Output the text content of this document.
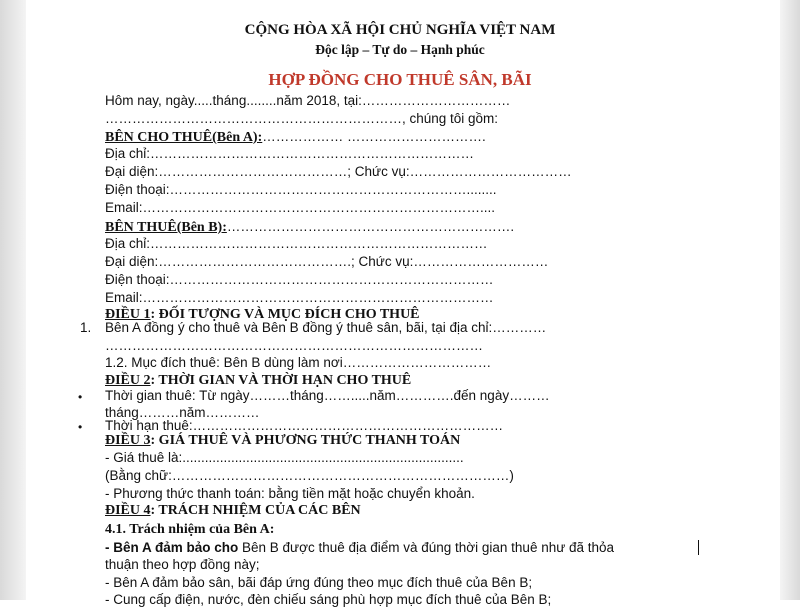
CỘNG HÒA XÃ HỘI CHỦ NGHĨA VIỆT NAM
Độc lập – Tự do – Hạnh phúc
HỢP ĐỒNG CHO THUÊ SÂN, BÃI
Hôm nay, ngày.....tháng........năm 2018, tại:……………………………
…………………………………………………………, chúng tôi gồm:
BÊN CHO THUÊ(Bên A):……………… ………………………….
Địa chỉ:………………………………………………………………
Đại diện:……………………………………; Chức vụ:………………………………
Điện thoại:…………………………………………………………........
Email:…………………………………………………………………....
BÊN THUÊ(Bên B):……………………………………………………….
Địa chỉ:…………………………………………………………………
Đại diện:…………………………………….; Chức vụ:…………………………
Điện thoại:………………………………………………………………
Email:……………………………………………………………………
ĐIỀU 1: ĐỐI TƯỢNG VÀ MỤC ĐÍCH CHO THUÊ
1. Bên A đồng ý cho thuê và Bên B đồng ý thuê sân, bãi, tại địa chỉ:…………
…………………………………………………………………………
1.2. Mục đích thuê: Bên B dùng làm nơi……………………………
ĐIỀU 2: THỜI GIAN VÀ THỜI HẠN CHO THUÊ
• Thời gian thuê: Từ ngày………tháng…….....năm………….đến ngày………
tháng………năm…………
• Thời hạn thuê:……………………………………………………………
ĐIỀU 3: GIÁ THUÊ VÀ PHƯƠNG THỨC THANH TOÁN
- Giá thuê là:...........................................................................
(Bằng chữ:…………………………………………………………………)
- Phương thức thanh toán: bằng tiền mặt hoặc chuyển khoản.
ĐIỀU 4: TRÁCH NHIỆM CỦA CÁC BÊN
4.1. Trách nhiệm của Bên A:
- Bên A đảm bảo cho Bên B được thuê địa điểm và đúng thời gian thuê như đã thỏa
thuận theo hợp đồng này;
- Bên A đảm bảo sân, bãi đáp ứng đúng theo mục đích thuê của Bên B;
- Cung cấp điện, nước, đèn chiếu sáng phù hợp mục đích thuê của Bên B;
